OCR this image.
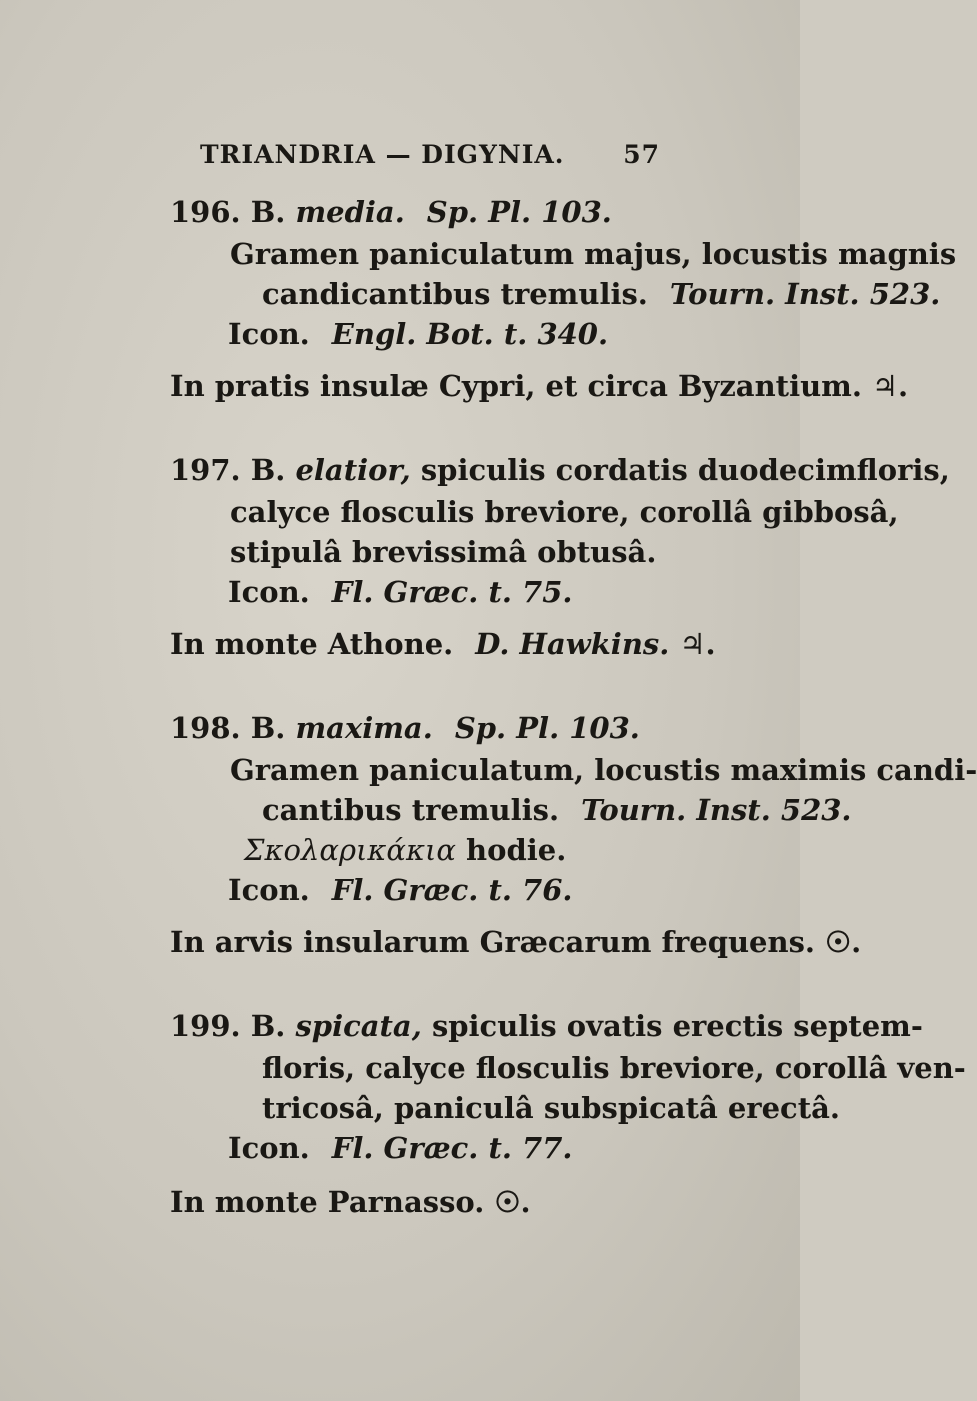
TRIANDRIA — DIGYNIA. 57
196. B. media. Sp. Pl. 103.
Gramen paniculatum majus, locustis magnis
candicantibus tremulis. Tourn. Inst. 523.
Icon. Engl. Bot. t. 340.
In pratis insulæ Cypri, et circa Byzantium. ♃.
197. B. elatior, spiculis cordatis duodecimfloris,
calyce flosculis breviore, corollâ gibbosâ,
stipulâ brevissimâ obtusâ.
Icon. Fl. Græc. t. 75.
In monte Athone. D. Hawkins. ♃.
198. B. maxima. Sp. Pl. 103.
Gramen paniculatum, locustis maximis candi-
cantibus tremulis. Tourn. Inst. 523.
Σκολαρικάκια hodie.
Icon. Fl. Græc. t. 76.
In arvis insularum Græcarum frequens. ☉.
199. B. spicata, spiculis ovatis erectis septem-
floris, calyce flosculis breviore, corollâ ven-
tricosâ, paniculâ subspicatâ erectâ.
Icon. Fl. Græc. t. 77.
In monte Parnasso. ☉.
